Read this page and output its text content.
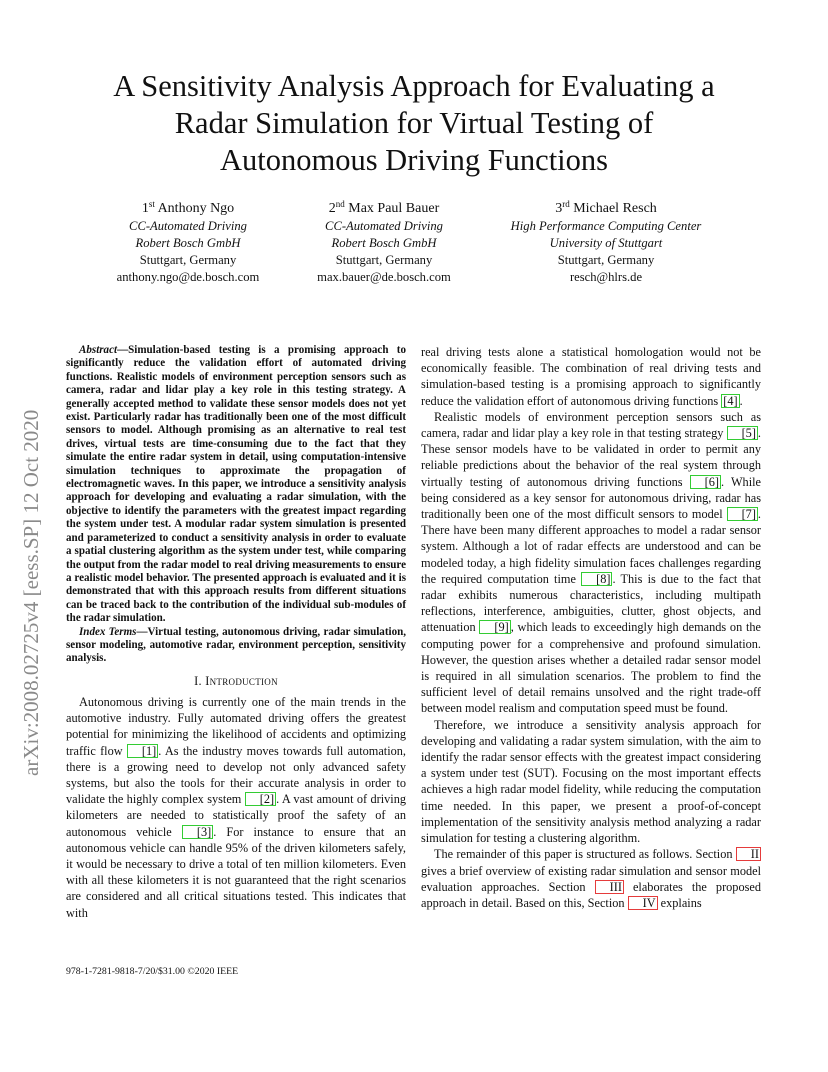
A Sensitivity Analysis Approach for Evaluating a
Radar Simulation for Virtual Testing of
Autonomous Driving Functions
1st Anthony Ngo
CC-Automated Driving
Robert Bosch GmbH
Stuttgart, Germany
anthony.ngo@de.bosch.com
2nd Max Paul Bauer
CC-Automated Driving
Robert Bosch GmbH
Stuttgart, Germany
max.bauer@de.bosch.com
3rd Michael Resch
High Performance Computing Center
University of Stuttgart
Stuttgart, Germany
resch@hlrs.de
arXiv:2008.02725v4 [eess.SP] 12 Oct 2020

Abstract—Simulation-based testing is a promising approach to significantly reduce the validation effort of automated driving functions. Realistic models of environment perception sensors such as camera, radar and lidar play a key role in this testing strategy. A generally accepted method to validate these sensor models does not yet exist. Particularly radar has traditionally been one of the most difficult sensors to model. Although promising as an alternative to real test drives, virtual tests are time-consuming due to the fact that they simulate the entire radar system in detail, using computation-intensive simulation techniques to approximate the propagation of electromagnetic waves. In this paper, we introduce a sensitivity analysis approach for developing and evaluating a radar simulation, with the objective to identify the parameters with the greatest impact regarding the system under test. A modular radar system simulation is presented and parameterized to conduct a sensitivity analysis in order to evaluate a spatial clustering algorithm as the system under test, while comparing the output from the radar model to real driving measurements to ensure a realistic model behavior. The presented approach is evaluated and it is demonstrated that with this approach results from different situations can be traced back to the contribution of the individual sub-modules of the radar simulation.

Index Terms—Virtual testing, autonomous driving, radar simulation, sensor modeling, automotive radar, environment perception, sensitivity analysis.

I. Introduction

Autonomous driving is currently one of the main trends in the automotive industry. Fully automated driving offers the greatest potential for minimizing the likelihood of accidents and optimizing traffic flow [1] . As the industry moves towards full automation, there is a growing need to develop not only advanced safety systems, but also the tools for their accurate analysis in order to validate the highly complex system [2] . A vast amount of driving kilometers are needed to statistically proof the safety of an autonomous vehicle [3] . For instance to ensure that an autonomous vehicle can handle 95% of the driven kilometers safely, it would be necessary to drive a total of ten million kilometers. Even with all these kilometers it is not guaranteed that the right scenarios are considered and all critical situations tested. This indicates that with

real driving tests alone a statistical homologation would not be economically feasible. The combination of real driving tests and simulation-based testing is a promising approach to significantly reduce the validation effort of autonomous driving functions [4] .

Realistic models of environment perception sensors such as camera, radar and lidar play a key role in that testing strategy [5] . These sensor models have to be validated in order to permit any reliable predictions about the behavior of the real system through virtually testing of autonomous driving functions [6] . While being considered as a key sensor for autonomous driving, radar has traditionally been one of the most difficult sensors to model [7] . There have been many different approaches to model a radar sensor system. Although a lot of radar effects are understood and can be modeled today, a high fidelity simulation faces challenges regarding the required computation time [8] . This is due to the fact that radar exhibits numerous characteristics, including multipath reflections, interference, ambiguities, clutter, ghost objects, and attenuation [9] , which leads to exceedingly high demands on the computing power for a comprehensive and profound simulation. However, the question arises whether a detailed radar sensor model is required in all simulation scenarios. The problem to find the sufficient level of detail remains unsolved and the right trade-off between model realism and computation speed must be found.

Therefore, we introduce a sensitivity analysis approach for developing and validating a radar system simulation, with the aim to identify the radar sensor effects with the greatest impact considering a system under test (SUT). Focusing on the most important effects achieves a high radar model fidelity, while reducing the computation time needed. In this paper, we present a proof-of-concept implementation of the sensitivity analysis method analyzing a radar simulation for testing a clustering algorithm.

The remainder of this paper is structured as follows. Section II gives a brief overview of existing radar simulation and sensor model evaluation approaches. Section III elaborates the proposed approach in detail. Based on this, Section IV explains

978-1-7281-9818-7/20/$31.00 ©2020 IEEE
